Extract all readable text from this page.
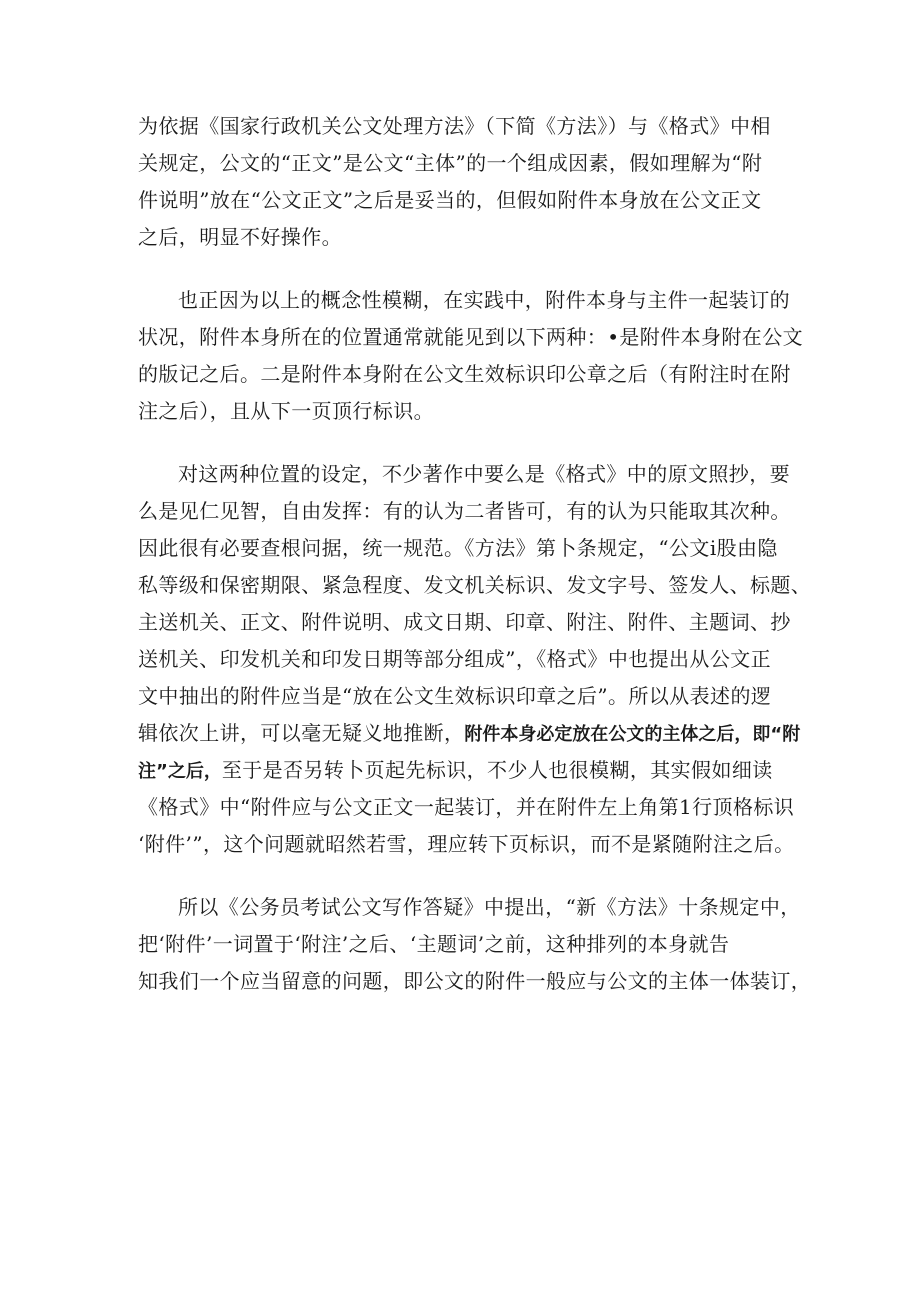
为依据《国家行政机关公文处理方法》（下简《方法》）与《格式》中相
关规定，公文的“正文”是公文“主体”的一个组成因素，假如理解为“附
件说明”放在“公文正文”之后是妥当的，但假如附件本身放在公文正文
之后，明显不好操作。
也正因为以上的概念性模糊，在实践中，附件本身与主件一起装订的
状况，附件本身所在的位置通常就能见到以下两种：•是附件本身附在公文
的版记之后。二是附件本身附在公文生效标识印公章之后（有附注时在附
注之后），且从下一页顶行标识。
对这两种位置的设定，不少著作中要么是《格式》中的原文照抄，要
么是见仁见智，自由发挥：有的认为二者皆可，有的认为只能取其次种。
因此很有必要查根问据，统一规范。《方法》第卜条规定，“公文i股由隐
私等级和保密期限、紧急程度、发文机关标识、发文字号、签发人、标题、
主送机关、正文、附件说明、成文日期、印章、附注、附件、主题词、抄
送机关、印发机关和印发日期等部分组成”，《格式》中也提出从公文正
文中抽出的附件应当是“放在公文生效标识印章之后”。所以从表述的逻
辑依次上讲，可以毫无疑义地推断，附件本身必定放在公文的主体之后，即“附
注”之后，至于是否另转卜页起先标识，不少人也很模糊，其实假如细读
《格式》中“附件应与公文正文一起装订，并在附件左上角第1行顶格标识
‘附件’”，这个问题就昭然若雪，理应转下页标识，而不是紧随附注之后。
所以《公务员考试公文写作答疑》中提出，“新《方法》十条规定中，
把‘附件’一词置于‘附注’之后、‘主题词’之前，这种排列的本身就告
知我们一个应当留意的问题，即公文的附件一般应与公文的主体一体装订，
